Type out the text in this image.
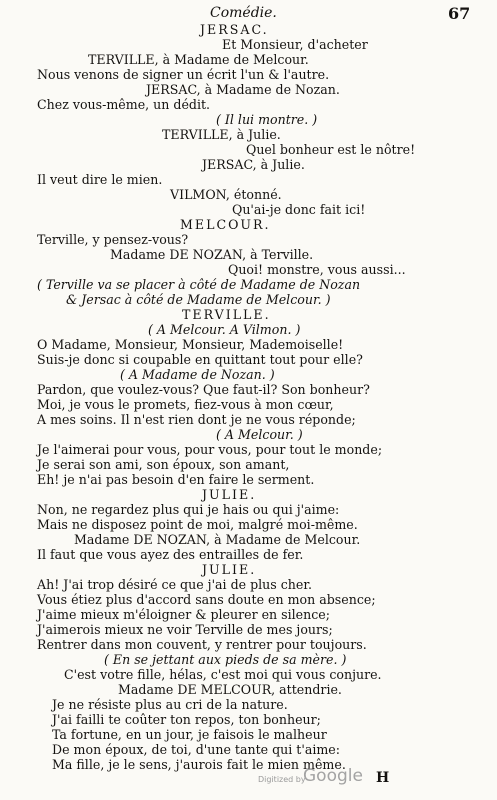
Comédie.	67
JERSAC.
Et Monsieur, d'acheter
TERVILLE, à Madame de Melcour.
Nous venons de signer un écrit l'un & l'autre.
JERSAC, à Madame de Nozan.
Chez vous-même, un dédit.
( Il lui montre. )
TERVILLE, à Julie.
Quel bonheur est le nôtre!
JERSAC, à Julie.
Il veut dire le mien.
VILMON, étonné.
Qu'ai-je donc fait ici!
MELCOUR.
Terville, y pensez-vous?
Madame DE NOZAN, à Terville.
Quoi! monstre, vous aussi...
( Terville va se placer à côté de Madame de Nozan
& Jersac à côté de Madame de Melcour. )
TERVILLE.
( A Melcour. A Vilmon. )
O Madame, Monsieur, Monsieur, Mademoiselle!
Suis-je donc si coupable en quittant tout pour elle?
( A Madame de Nozan. )
Pardon, que voulez-vous? Que faut-il? Son bonheur?
Moi, je vous le promets, fiez-vous à mon cœur,
A mes soins. Il n'est rien dont je ne vous réponde;
( A Melcour. )
Je l'aimerai pour vous, pour vous, pour tout le monde;
Je serai son ami, son époux, son amant,
Eh! je n'ai pas besoin d'en faire le serment.
JULIE.
Non, ne regardez plus qui je hais ou qui j'aime:
Mais ne disposez point de moi, malgré moi-même.
Madame DE NOZAN, à Madame de Melcour.
Il faut que vous ayez des entrailles de fer.
JULIE.
Ah! J'ai trop désiré ce que j'ai de plus cher.
Vous étiez plus d'accord sans doute en mon absence;
J'aime mieux m'éloigner & pleurer en silence;
J'aimerois mieux ne voir Terville de mes jours;
Rentrer dans mon couvent, y rentrer pour toujours.
( En se jettant aux pieds de sa mère. )
C'est votre fille, hélas, c'est moi qui vous conjure.
Madame DE MELCOUR, attendrie.
Je ne résiste plus au cri de la nature.
J'ai failli te coûter ton repos, ton bonheur;
Ta fortune, en un jour, je faisois le malheur
De mon époux, de toi, d'une tante qui t'aime:
Ma fille, je le sens, j'aurois fait le mien même.
Digitized by
Google H
